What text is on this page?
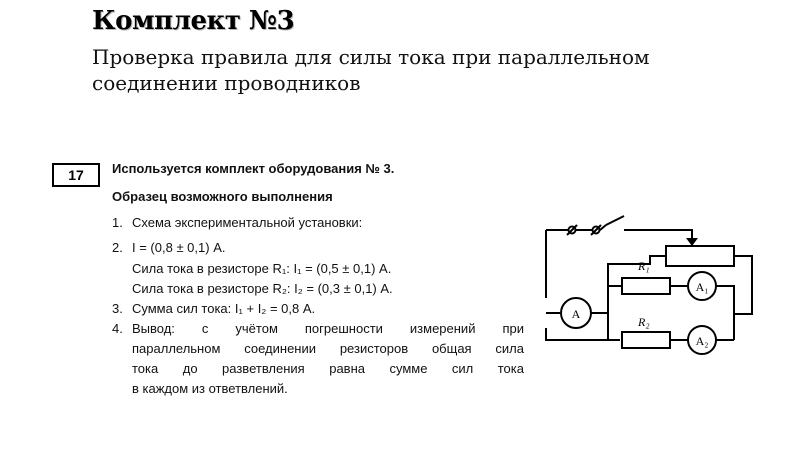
Комплект №3
Проверка правила для силы тока при параллельном соединении проводников
17	Используется комплект оборудования № 3.
Образец возможного выполнения
1. Схема экспериментальной установки:
2. I = (0,8 ± 0,1) А.
Сила тока в резисторе R₁: I₁ = (0,5 ± 0,1) А.
Сила тока в резисторе R₂: I₂ = (0,3 ± 0,1) А.
3. Сумма сил тока: I₁ + I₂ = 0,8 А.
4. Вывод: с учётом погрешности измерений при
параллельном соединении резисторов общая сила
тока до разветвления равна сумме сил тока
в каждом из ответвлений.
A
R₁
A₁
R₂
A₂
